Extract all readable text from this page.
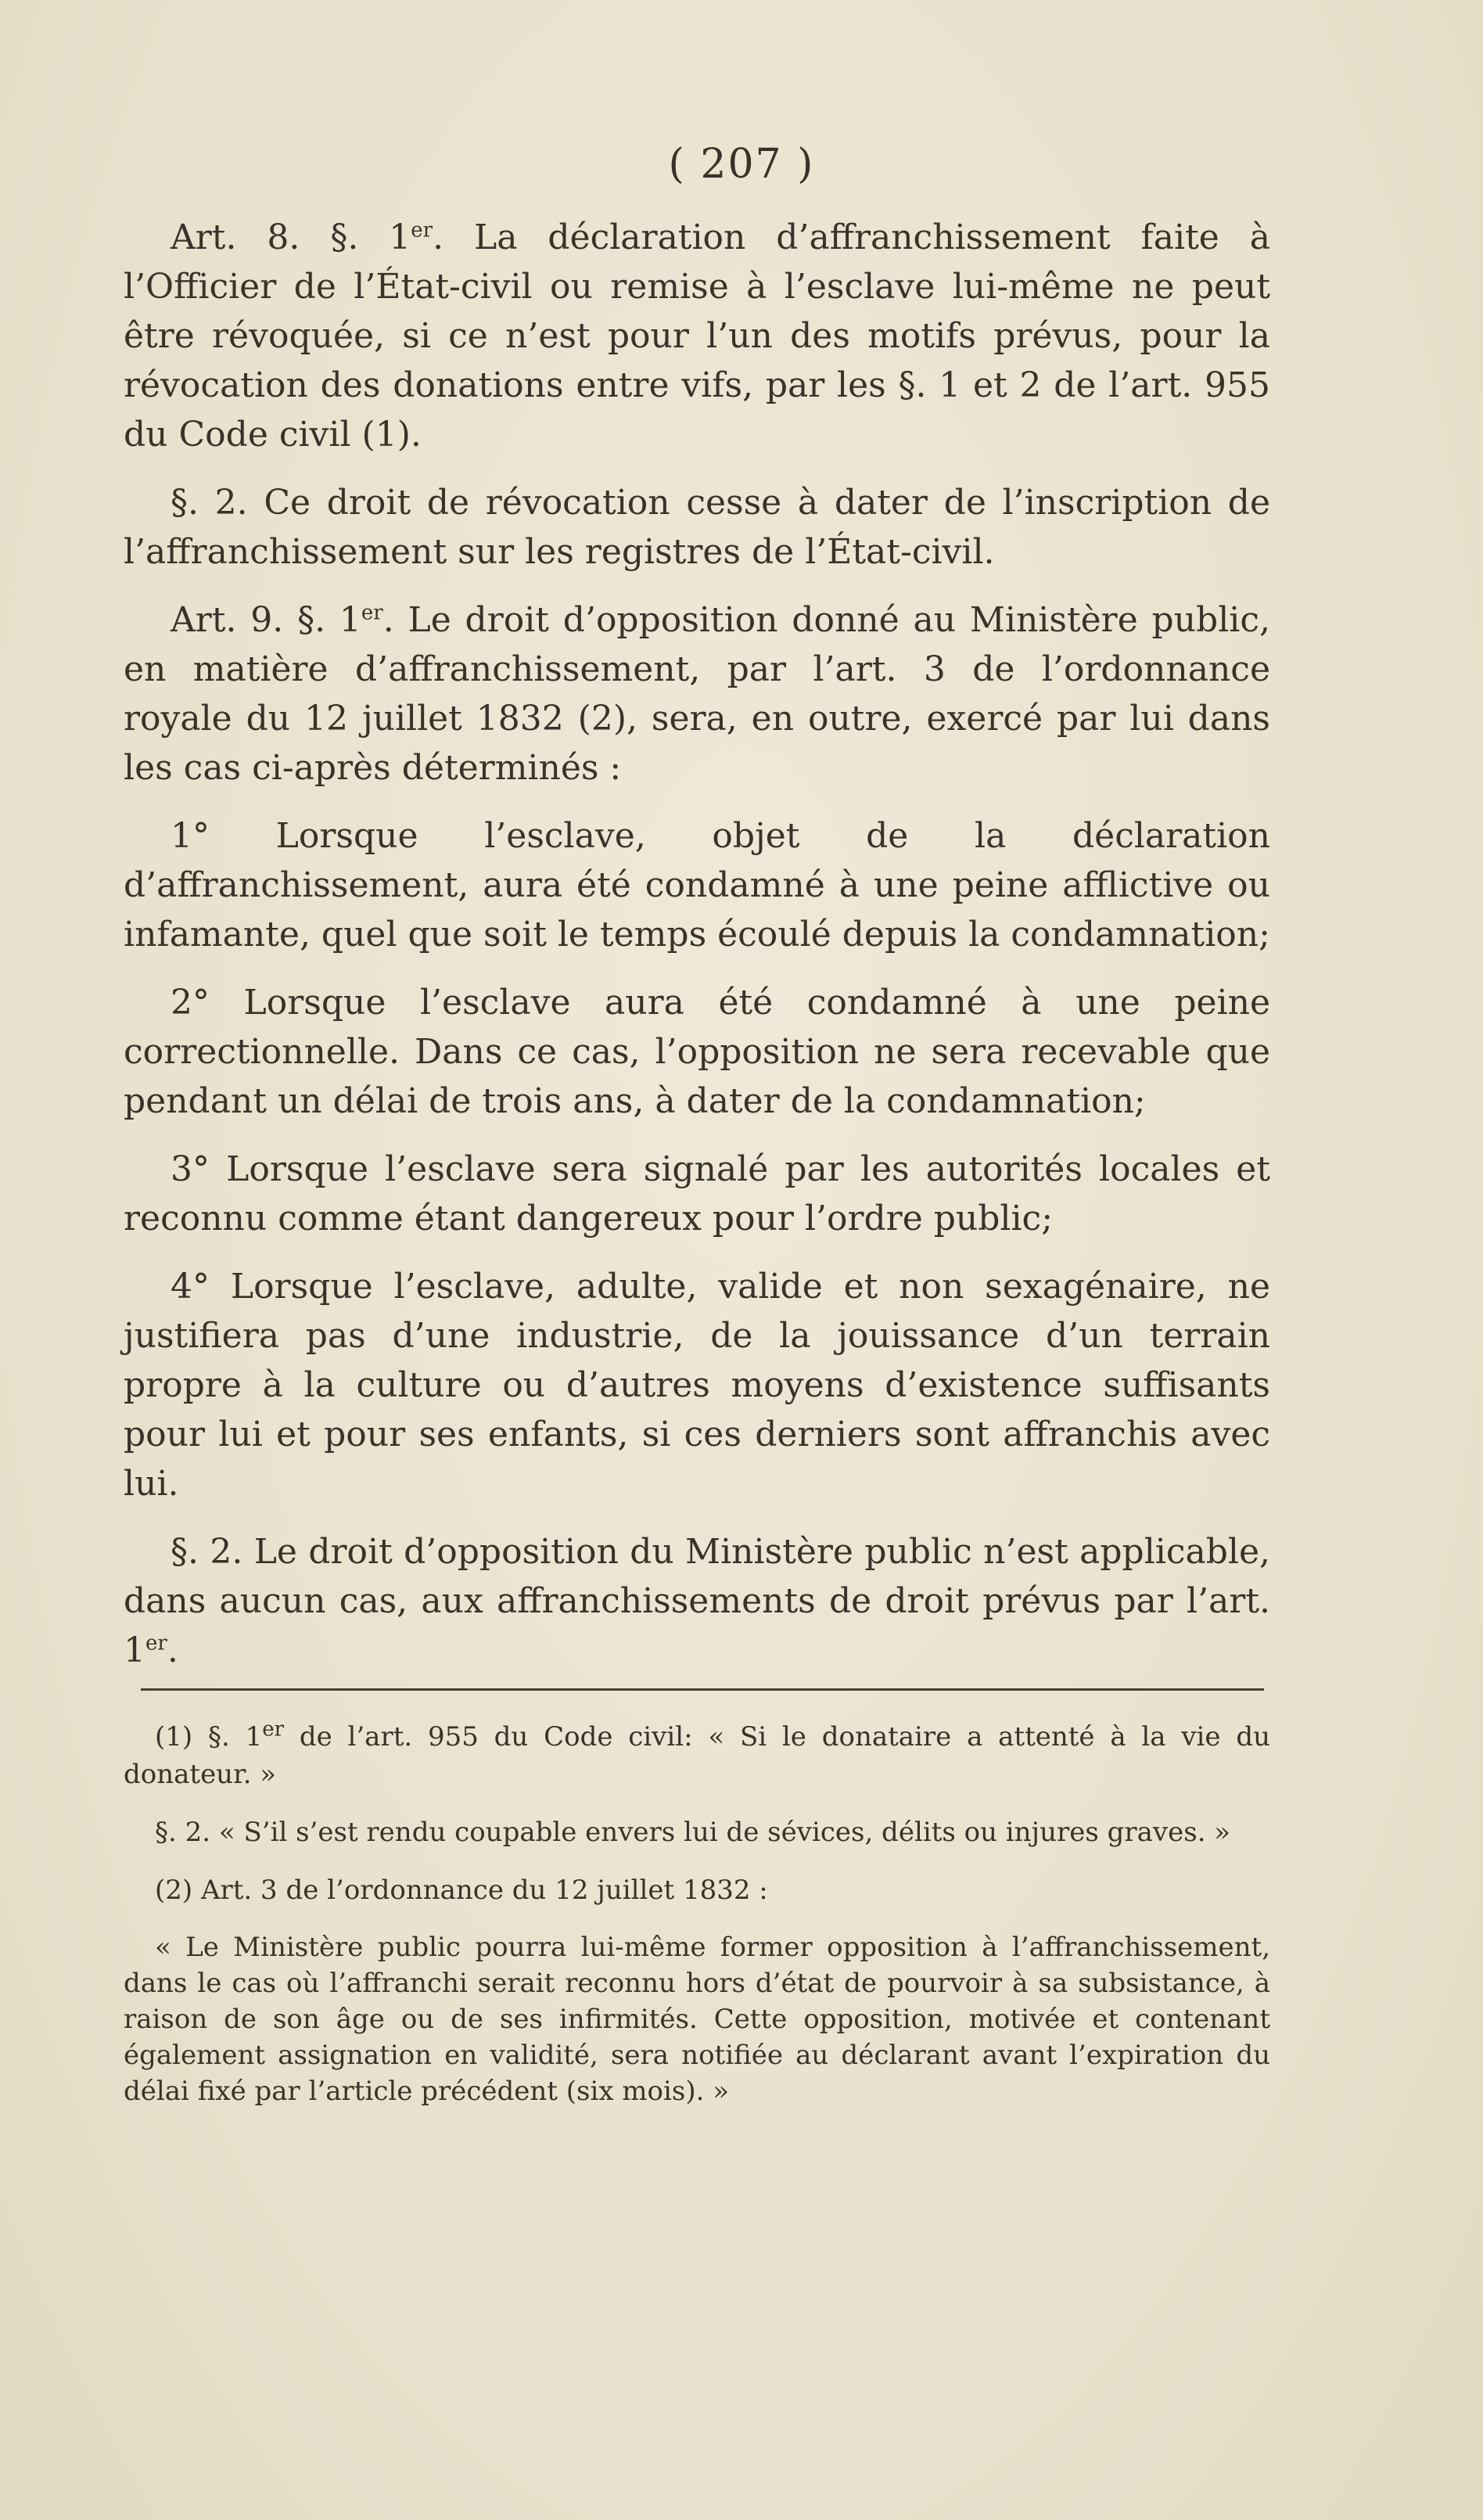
( 207 )

Art. 8. §. 1er. La déclaration d’affranchissement faite à l’Officier de l’État-civil ou remise à l’esclave lui-même ne peut être révoquée, si ce n’est pour l’un des motifs prévus, pour la révocation des donations entre vifs, par les §. 1 et 2 de l’art. 955 du Code civil (1).

§. 2. Ce droit de révocation cesse à dater de l’inscription de l’affranchissement sur les registres de l’État-civil.

Art. 9. §. 1er. Le droit d’opposition donné au Ministère public, en matière d’affranchissement, par l’art. 3 de l’ordonnance royale du 12 juillet 1832 (2), sera, en outre, exercé par lui dans les cas ci-après déterminés :

1° Lorsque l’esclave, objet de la déclaration d’affranchissement, aura été condamné à une peine afflictive ou infamante, quel que soit le temps écoulé depuis la condamnation;

2° Lorsque l’esclave aura été condamné à une peine correctionnelle. Dans ce cas, l’opposition ne sera recevable que pendant un délai de trois ans, à dater de la condamnation;

3° Lorsque l’esclave sera signalé par les autorités locales et reconnu comme étant dangereux pour l’ordre public;

4° Lorsque l’esclave, adulte, valide et non sexagénaire, ne justifiera pas d’une industrie, de la jouissance d’un terrain propre à la culture ou d’autres moyens d’existence suffisants pour lui et pour ses enfants, si ces derniers sont affranchis avec lui.

§. 2. Le droit d’opposition du Ministère public n’est applicable, dans aucun cas, aux affranchissements de droit prévus par l’art. 1er.

(1) §. 1er de l’art. 955 du Code civil: « Si le donataire a attenté à la vie du donateur. »

§. 2. « S’il s’est rendu coupable envers lui de sévices, délits ou injures graves. »

(2) Art. 3 de l’ordonnance du 12 juillet 1832 :

« Le Ministère public pourra lui-même former opposition à l’affranchissement, dans le cas où l’affranchi serait reconnu hors d’état de pourvoir à sa subsistance, à raison de son âge ou de ses infirmités. Cette opposition, motivée et contenant également assignation en validité, sera notifiée au déclarant avant l’expiration du délai fixé par l’article précédent (six mois). »
